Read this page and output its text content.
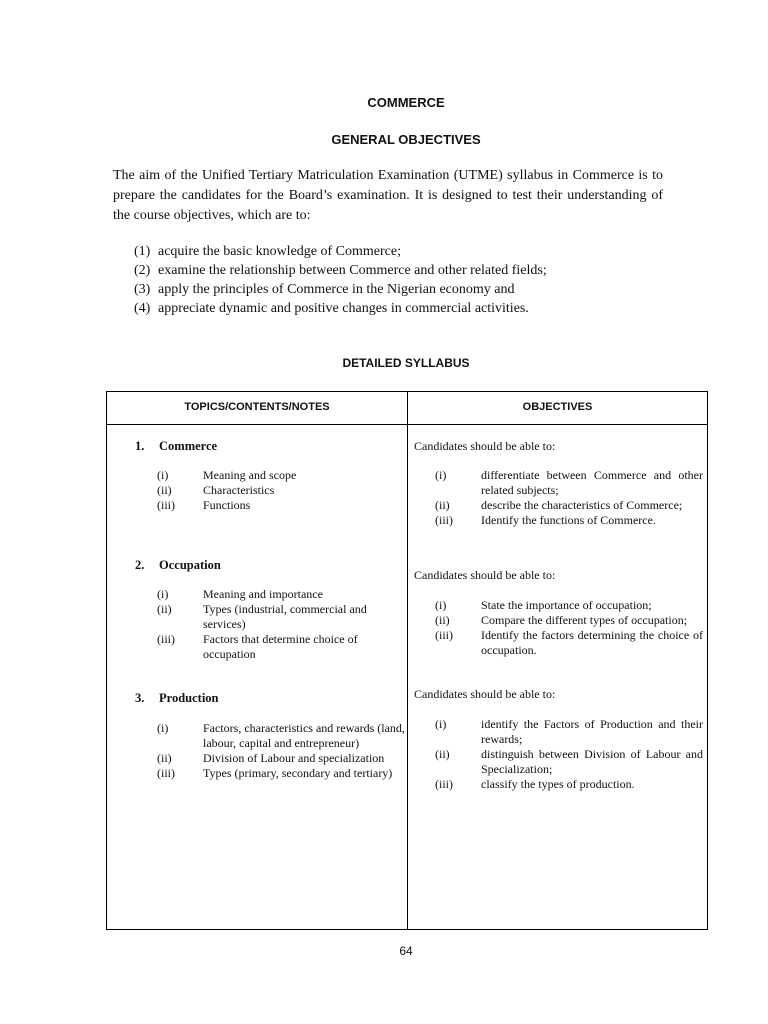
COMMERCE
GENERAL OBJECTIVES
The aim of the Unified Tertiary Matriculation Examination (UTME) syllabus in Commerce is to prepare the candidates for the Board’s examination. It is designed to test their understanding of the course objectives, which are to:
(1) acquire the basic knowledge of Commerce;
(2) examine the relationship between Commerce and other related fields;
(3) apply the principles of Commerce in the Nigerian economy and
(4) appreciate dynamic and positive changes in commercial activities.
DETAILED SYLLABUS
TOPICS/CONTENTS/NOTES	OBJECTIVES
1. Commerce
(i)	Meaning and scope
(ii)	Characteristics
(iii)	Functions
Candidates should be able to:
(i)	differentiate between Commerce and other related subjects;
(ii)	describe the characteristics of Commerce;
(iii)	Identify the functions of Commerce.
2. Occupation
(i)	Meaning and importance
(ii)	Types (industrial, commercial and services)
(iii)	Factors that determine choice of occupation
Candidates should be able to:
(i)	State the importance of occupation;
(ii)	Compare the different types of occupation;
(iii)	Identify the factors determining the choice of occupation.
3. Production
(i)	Factors, characteristics and rewards (land, labour, capital and entrepreneur)
(ii)	Division of Labour and specialization
(iii)	Types (primary, secondary and tertiary)
Candidates should be able to:
(i)	identify the Factors of Production and their rewards;
(ii)	distinguish between Division of Labour and Specialization;
(iii)	classify the types of production.
64
